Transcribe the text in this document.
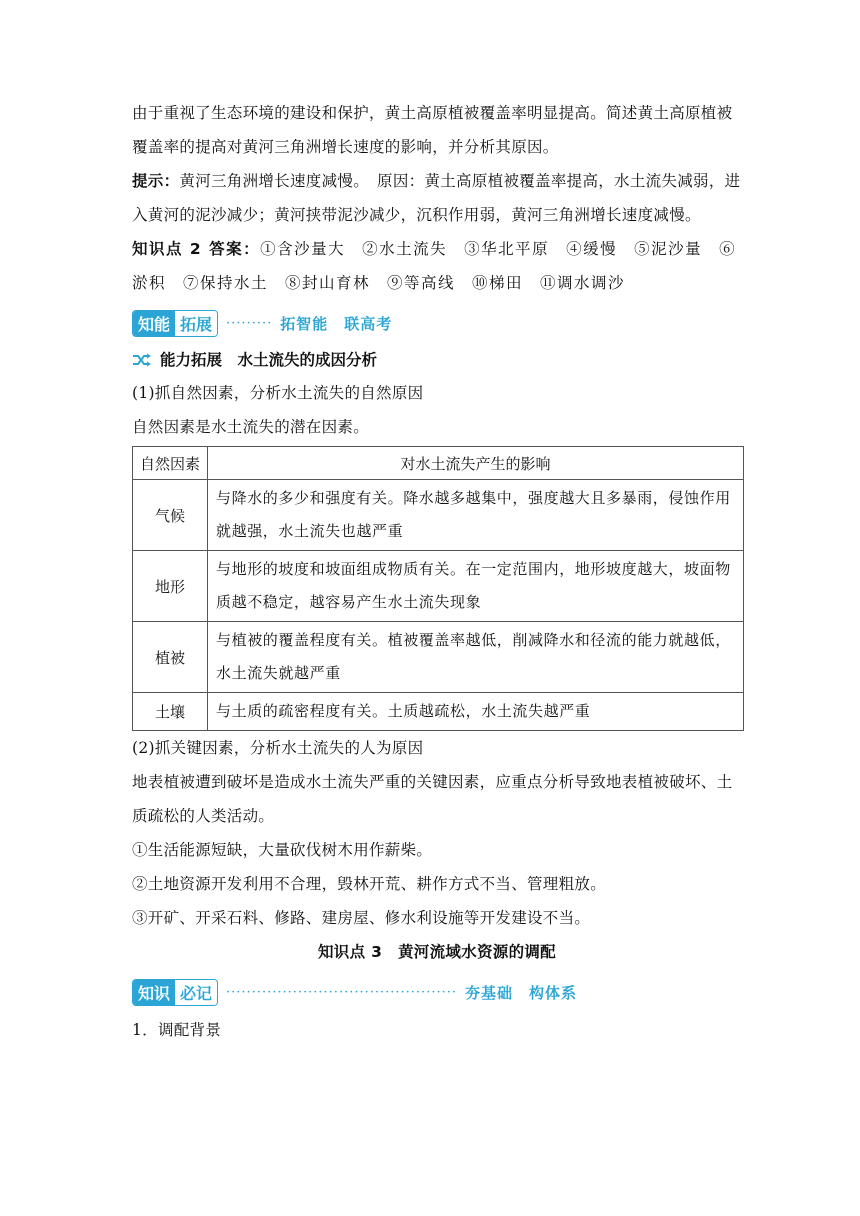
由于重视了生态环境的建设和保护，黄土高原植被覆盖率明显提高。简述黄土高原植被覆盖率的提高对黄河三角洲增长速度的影响，并分析其原因。

提示：黄河三角洲增长速度减慢。　原因：黄土高原植被覆盖率提高，水土流失减弱，进入黄河的泥沙减少；黄河挟带泥沙减少，沉积作用弱，黄河三角洲增长速度减慢。

知识点 2 答案：①含沙量大　②水土流失　③华北平原　④缓慢　⑤泥沙量　⑥淤积　⑦保持水土　⑧封山育林　⑨等高线　⑩梯田　⑪调水调沙

知能 拓展	········· 拓智能　联高考
能力拓展　水土流失的成因分析

(1)抓自然因素，分析水土流失的自然原因

自然因素是水土流失的潜在因素。

自然因素	对水土流失产生的影响
气候	与降水的多少和强度有关。降水越多越集中，强度越大且多暴雨，侵蚀作用就越强，水土流失也越严重
地形	与地形的坡度和坡面组成物质有关。在一定范围内，地形坡度越大，坡面物质越不稳定，越容易产生水土流失现象
植被	与植被的覆盖程度有关。植被覆盖率越低，削减降水和径流的能力就越低，水土流失就越严重
土壤	与土质的疏密程度有关。土质越疏松，水土流失越严重

(2)抓关键因素，分析水土流失的人为原因

地表植被遭到破坏是造成水土流失严重的关键因素，应重点分析导致地表植被破坏、土质疏松的人类活动。

①生活能源短缺，大量砍伐树木用作薪柴。

②土地资源开发利用不合理，毁林开荒、耕作方式不当、管理粗放。

③开矿、开采石料、修路、建房屋、修水利设施等开发建设不当。

知识点 3　黄河流域水资源的调配

知识 必记	············································· 夯基础　构体系

1．调配背景
